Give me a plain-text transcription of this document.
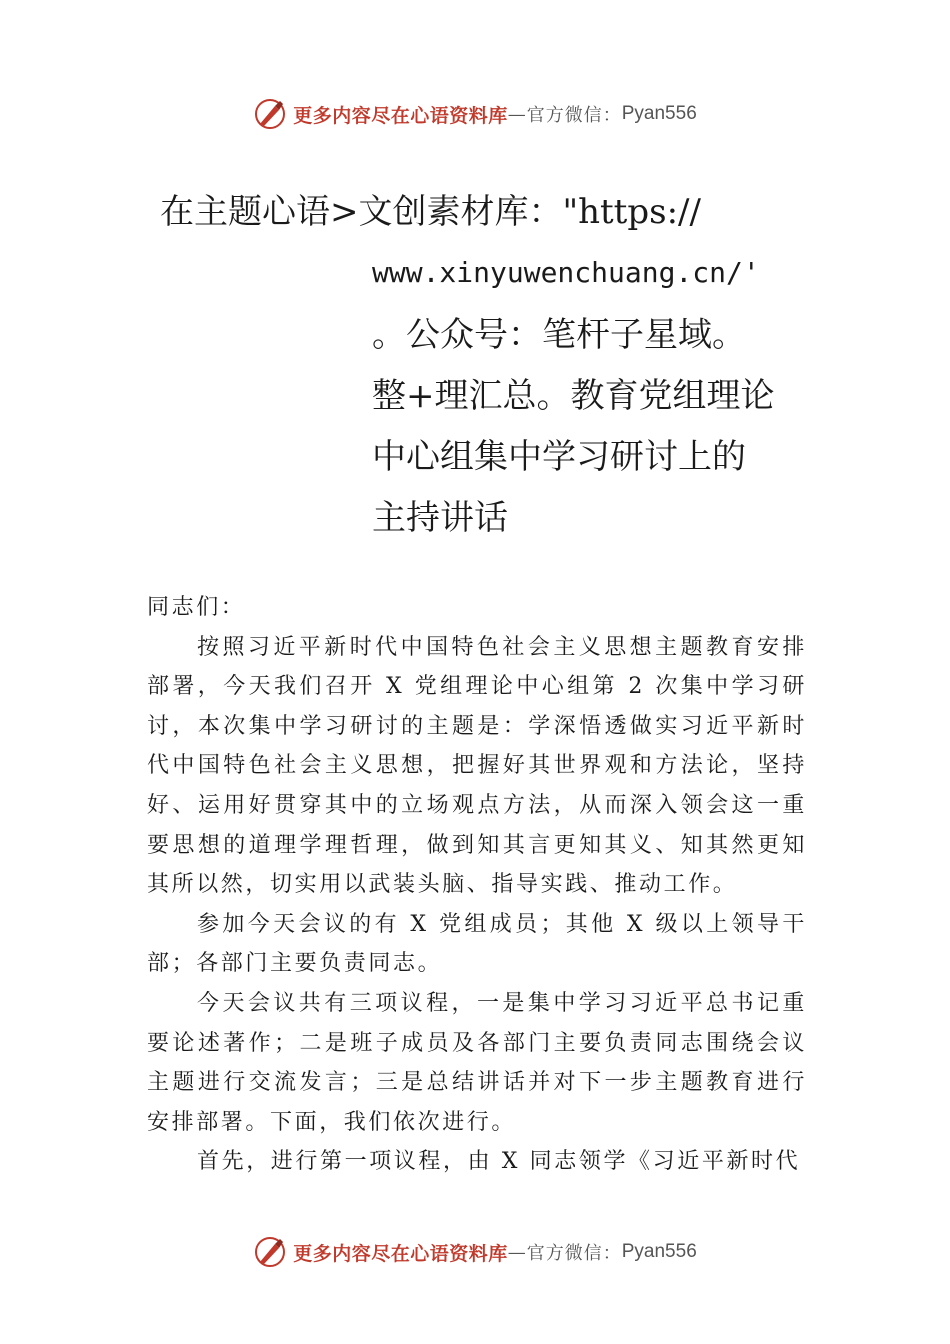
更多内容尽在心语资料库 — 官方微信： Pyan556
在主题心语>文创素材库："https://
www.xinyuwenchuang.cn/'
。公众号：笔杆子星域。
整+理汇总。教育党组理论
中心组集中学习研讨上的
主持讲话

同志们：

按照习近平新时代中国特色社会主义思想主题教育安排部署，今天我们召开 X 党组理论中心组第 2 次集中学习研讨，本次集中学习研讨的主题是：学深悟透做实习近平新时代中国特色社会主义思想，把握好其世界观和方法论，坚持好、运用好贯穿其中的立场观点方法，从而深入领会这一重要思想的道理学理哲理，做到知其言更知其义、知其然更知其所以然，切实用以武装头脑、指导实践、推动工作。

参加今天会议的有 X 党组成员；其他 X 级以上领导干部；各部门主要负责同志。

今天会议共有三项议程，一是集中学习习近平总书记重要论述著作；二是班子成员及各部门主要负责同志围绕会议主题进行交流发言；三是总结讲话并对下一步主题教育进行安排部署。下面，我们依次进行。

首先，进行第一项议程，由 X 同志领学《习近平新时代

更多内容尽在心语资料库 — 官方微信： Pyan556
